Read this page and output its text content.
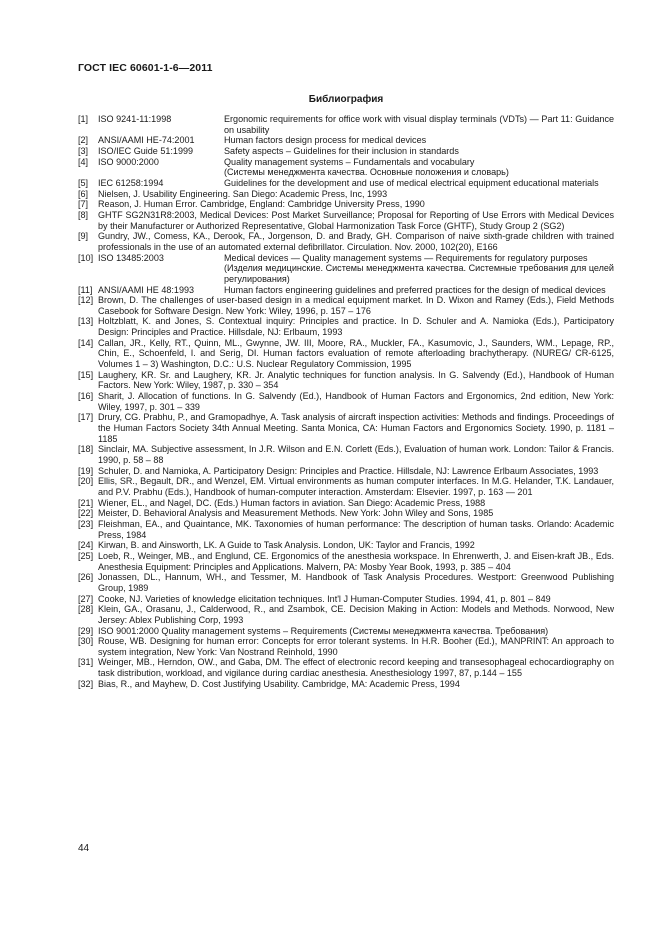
ГОСТ IEC 60601-1-6—2011
Библиография
[1]	ISO 9241-11:1998	Ergonomic requirements for office work with visual display terminals (VDTs) — Part 11: Guidance on usability
[2]	ANSI/AAMI HE-74:2001	Human factors design process for medical devices
[3]	ISO/IEC Guide 51:1999	Safety aspects – Guidelines for their inclusion in standards
[4]	ISO 9000:2000	Quality management systems – Fundamentals and vocabulary
(Системы менеджмента качества. Основные положения и словарь)
[5]	IEC 61258:1994	Guidelines for the development and use of medical electrical equipment educational materials
[6]	Nielsen, J. Usability Engineering. San Diego: Academic Press, Inc, 1993
[7]	Reason, J. Human Error. Cambridge, England: Cambridge University Press, 1990
[8]	GHTF SG2N31R8:2003, Medical Devices: Post Market Surveillance; Proposal for Reporting of Use Errors with Medical Devices by their Manufacturer or Authorized Representative, Global Harmonization Task Force (GHTF), Study Group 2 (SG2)
[9]	Gundry, JW., Comess, KA., Derook, FA., Jorgenson, D. and Brady, GH. Comparison of naive sixth-grade children with trained professionals in the use of an automated external defibrillator. Circulation. Nov. 2000, 102(20), E166
[10] ISO 13485:2003	Medical devices — Quality management systems — Requirements for regulatory purposes
(Изделия медицинские. Системы менеджмента качества. Системные требования для целей регулирования)
[11] ANSI/AAMI HE 48:1993	Human factors engineering guidelines and preferred practices for the design of medical devices
[12] Brown, D. The challenges of user-based design in a medical equipment market. In D. Wixon and Ramey (Eds.), Field Methods Casebook for Software Design. New York: Wiley, 1996, p. 157 – 176
[13] Holtzblatt, K. and Jones, S. Contextual inquiry: Principles and practice. In D. Schuler and A. Namioka (Eds.), Participatory Design: Principles and Practice. Hillsdale, NJ: Erlbaum, 1993
[14] Callan, JR., Kelly, RT., Quinn, ML., Gwynne, JW. III, Moore, RA., Muckler, FA., Kasumovic, J., Saunders, WM., Lepage, RP., Chin, E., Schoenfeld, I. and Serig, DI. Human factors evaluation of remote afterloading brachytherapy. (NUREG/ CR-6125, Volumes 1 – 3) Washington, D.C.: U.S. Nuclear Regulatory Commission, 1995
[15] Laughery, KR. Sr. and Laughery, KR. Jr. Analytic techniques for function analysis. In G. Salvendy (Ed.), Handbook of Human Factors. New York: Wiley, 1987, p. 330 – 354
[16] Sharit, J. Allocation of functions. In G. Salvendy (Ed.), Handbook of Human Factors and Ergonomics, 2nd edition, New York: Wiley, 1997, p. 301 – 339
[17] Drury, CG. Prabhu, P., and Gramopadhye, A. Task analysis of aircraft inspection activities: Methods and findings. Proceedings of the Human Factors Society 34th Annual Meeting. Santa Monica, CA: Human Factors and Ergonomics Society. 1990, p. 1181 – 1185
[18] Sinclair, MA. Subjective assessment, In J.R. Wilson and E.N. Corlett (Eds.), Evaluation of human work. London: Tailor & Francis. 1990, p. 58 – 88
[19] Schuler, D. and Namioka, A. Participatory Design: Principles and Practice. Hillsdale, NJ: Lawrence Erlbaum Associates, 1993
[20] Ellis, SR., Begault, DR., and Wenzel, EM. Virtual environments as human computer interfaces. In M.G. Helander, T.K. Landauer, and P.V. Prabhu (Eds.), Handbook of human-computer interaction. Amsterdam: Elsevier. 1997, p. 163 — 201
[21] Wiener, EL., and Nagel, DC. (Eds.) Human factors in aviation. San Diego: Academic Press, 1988
[22] Meister, D. Behavioral Analysis and Measurement Methods. New York: John Wiley and Sons, 1985
[23] Fleishman, EA., and Quaintance, MK. Taxonomies of human performance: The description of human tasks. Orlando: Academic Press, 1984
[24] Kirwan, B. and Ainsworth, LK. A Guide to Task Analysis. London, UK: Taylor and Francis, 1992
[25] Loeb, R., Weinger, MB., and Englund, CE. Ergonomics of the anesthesia workspace. In Ehrenwerth, J. and Eisen-kraft JB., Eds. Anesthesia Equipment: Principles and Applications. Malvern, PA: Mosby Year Book, 1993, p. 385 – 404
[26] Jonassen, DL., Hannum, WH., and Tessmer, M. Handbook of Task Analysis Procedures. Westport: Greenwood Publishing Group, 1989
[27] Cooke, NJ. Varieties of knowledge elicitation techniques. Int'l J Human-Computer Studies. 1994, 41, p. 801 – 849
[28] Klein, GA., Orasanu, J., Calderwood, R., and Zsambok, CE. Decision Making in Action: Models and Methods. Norwood, New Jersey: Ablex Publishing Corp, 1993
[29] ISO 9001:2000 Quality management systems – Requirements (Системы менеджмента качества. Требования)
[30] Rouse, WB. Designing for human error: Concepts for error tolerant systems. In H.R. Booher (Ed.), MANPRINT: An approach to system integration, New York: Van Nostrand Reinhold, 1990
[31] Weinger, MB., Herndon, OW., and Gaba, DM. The effect of electronic record keeping and transesophageal echocardiography on task distribution, workload, and vigilance during cardiac anesthesia. Anesthesiology 1997, 87, p.144 – 155
[32] Bias, R., and Mayhew, D. Cost Justifying Usability. Cambridge, MA: Academic Press, 1994
44
